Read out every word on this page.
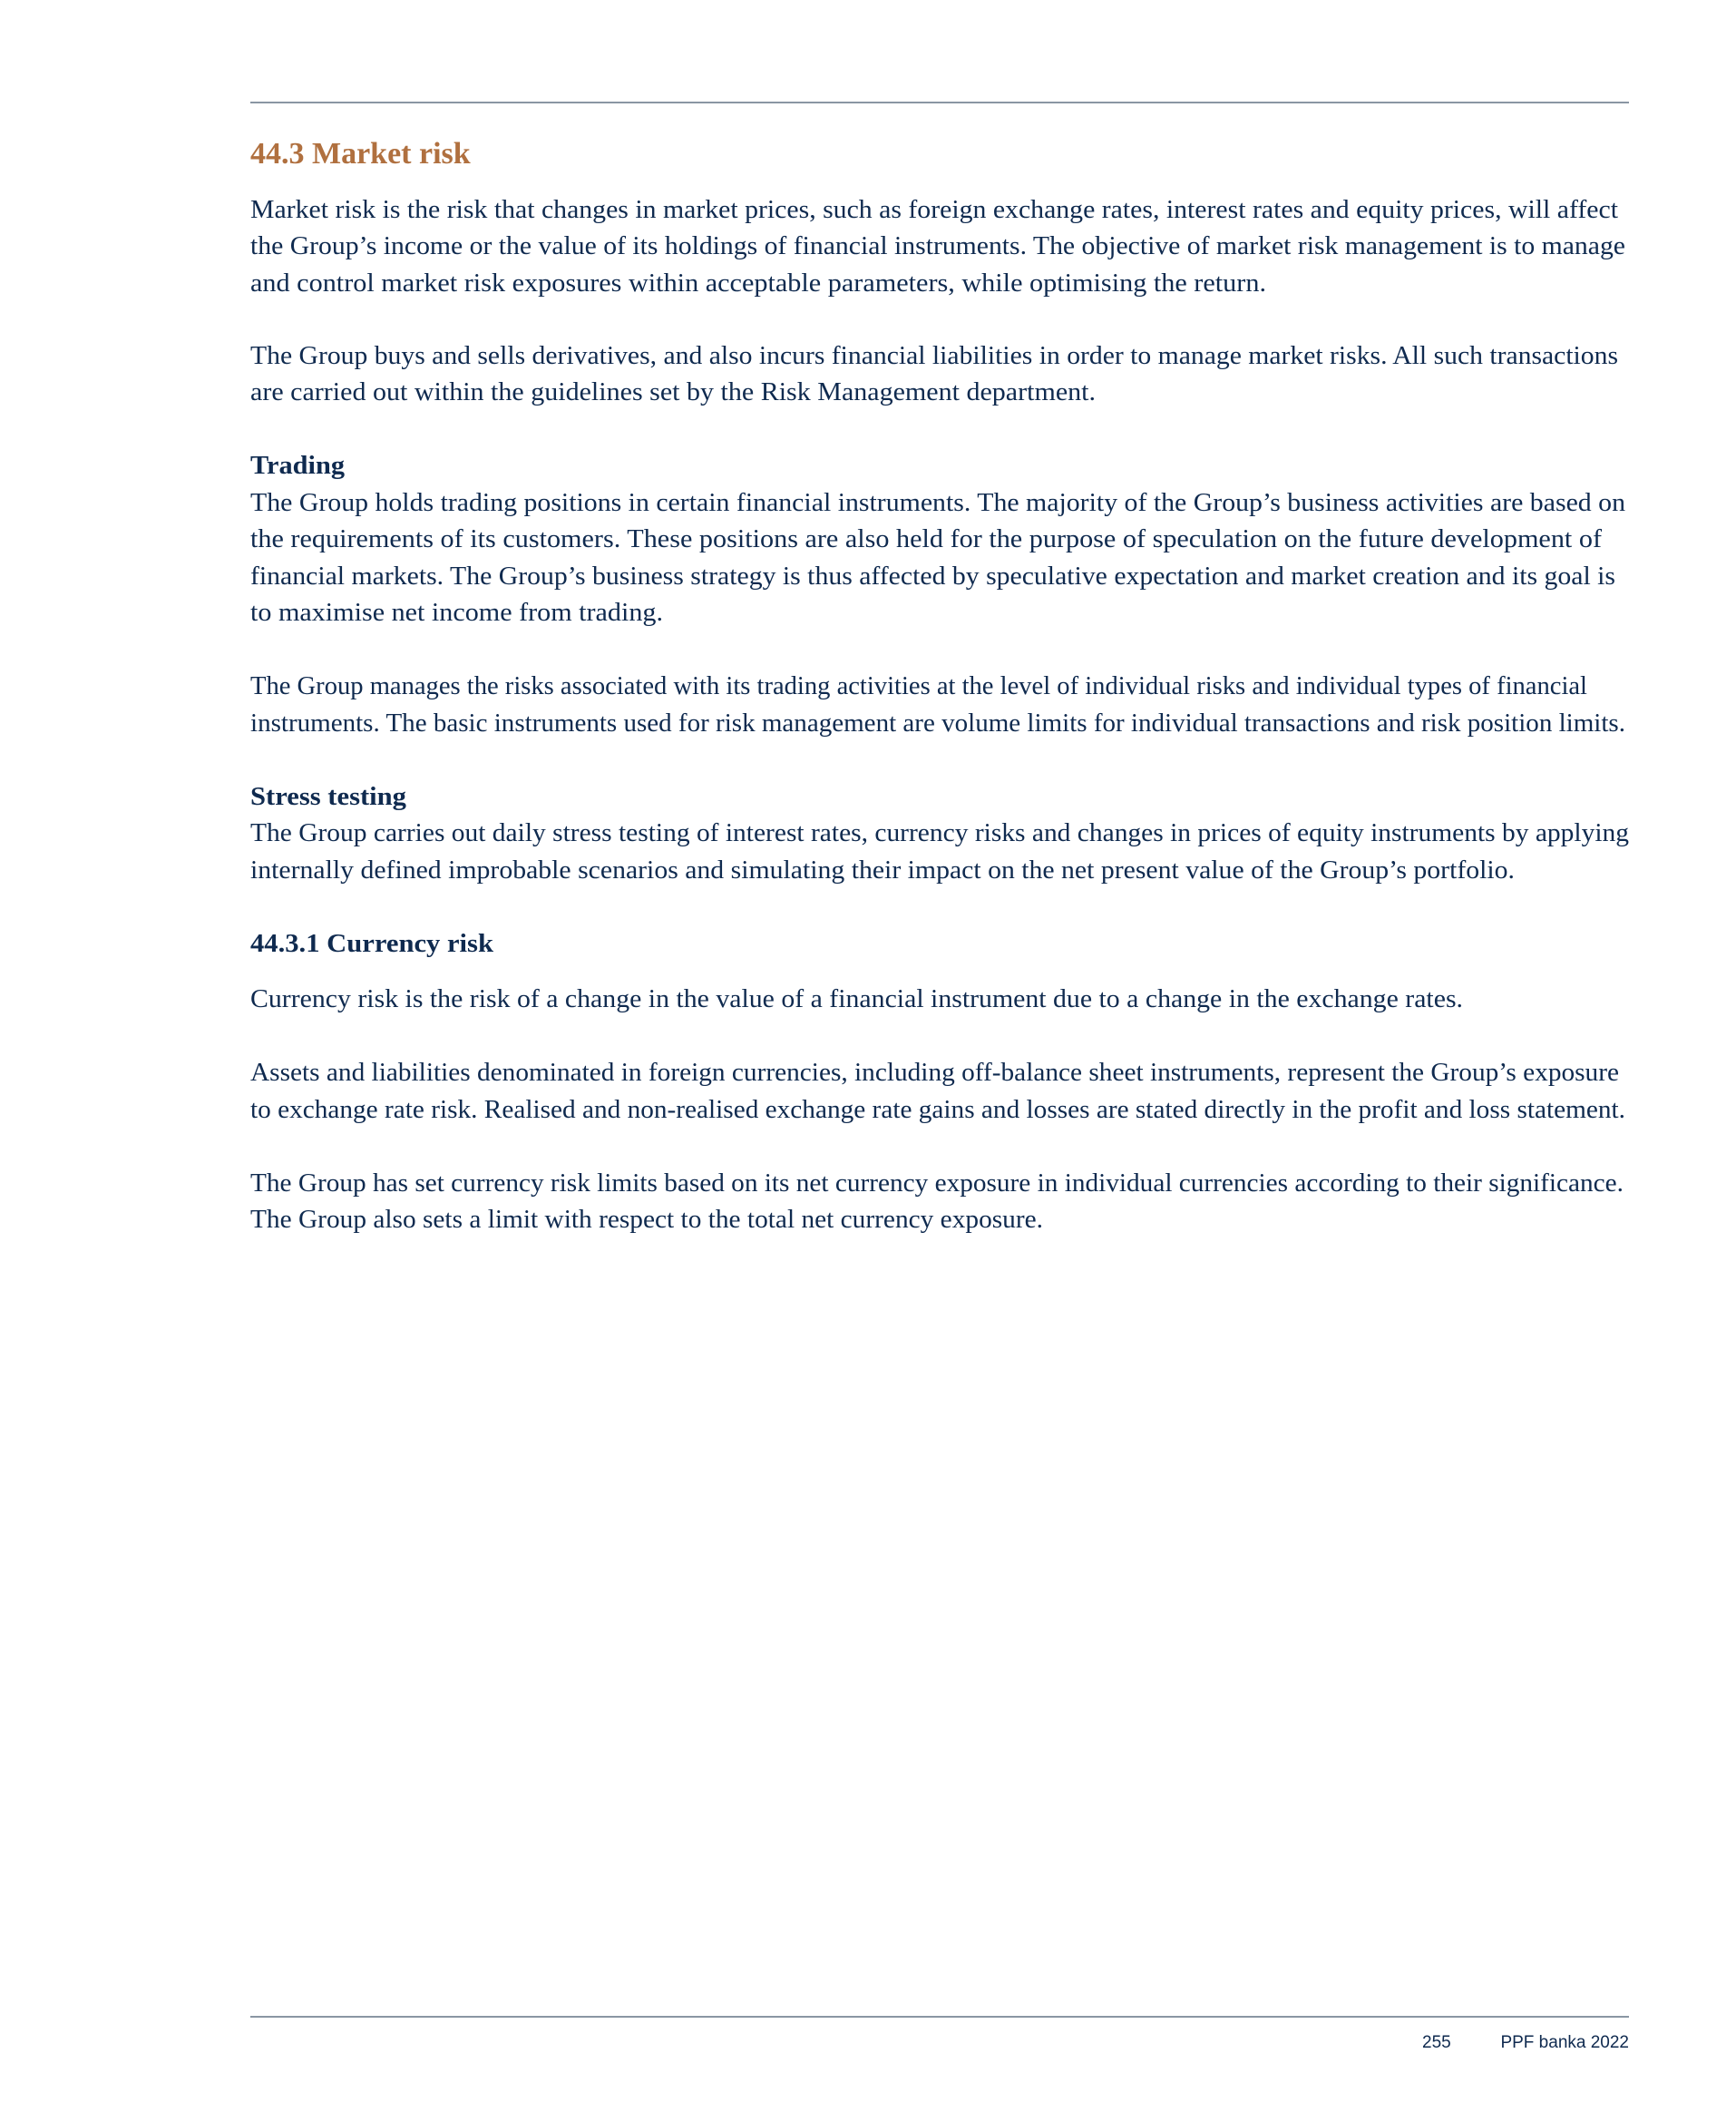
44.3 Market risk
Market risk is the risk that changes in market prices, such as foreign exchange rates, interest rates and equity prices, will affect
the Group’s income or the value of its holdings of financial instruments. The objective of market risk management is to manage
and control market risk exposures within acceptable parameters, while optimising the return.
The Group buys and sells derivatives, and also incurs financial liabilities in order to manage market risks. All such transactions
are carried out within the guidelines set by the Risk Management department.
Trading
The Group holds trading positions in certain financial instruments. The majority of the Group’s business activities are based on
the requirements of its customers. These positions are also held for the purpose of speculation on the future development of
financial markets. The Group’s business strategy is thus affected by speculative expectation and market creation and its goal is
to maximise net income from trading.
The Group manages the risks associated with its trading activities at the level of individual risks and individual types of financial
instruments. The basic instruments used for risk management are volume limits for individual transactions and risk position limits.
Stress testing
The Group carries out daily stress testing of interest rates, currency risks and changes in prices of equity instruments by applying
internally defined improbable scenarios and simulating their impact on the net present value of the Group’s portfolio.
44.3.1 Currency risk
Currency risk is the risk of a change in the value of a financial instrument due to a change in the exchange rates.
Assets and liabilities denominated in foreign currencies, including off-balance sheet instruments, represent the Group’s exposure
to exchange rate risk. Realised and non-realised exchange rate gains and losses are stated directly in the profit and loss statement.
The Group has set currency risk limits based on its net currency exposure in individual currencies according to their significance.
The Group also sets a limit with respect to the total net currency exposure.
255	PPF banka 2022
